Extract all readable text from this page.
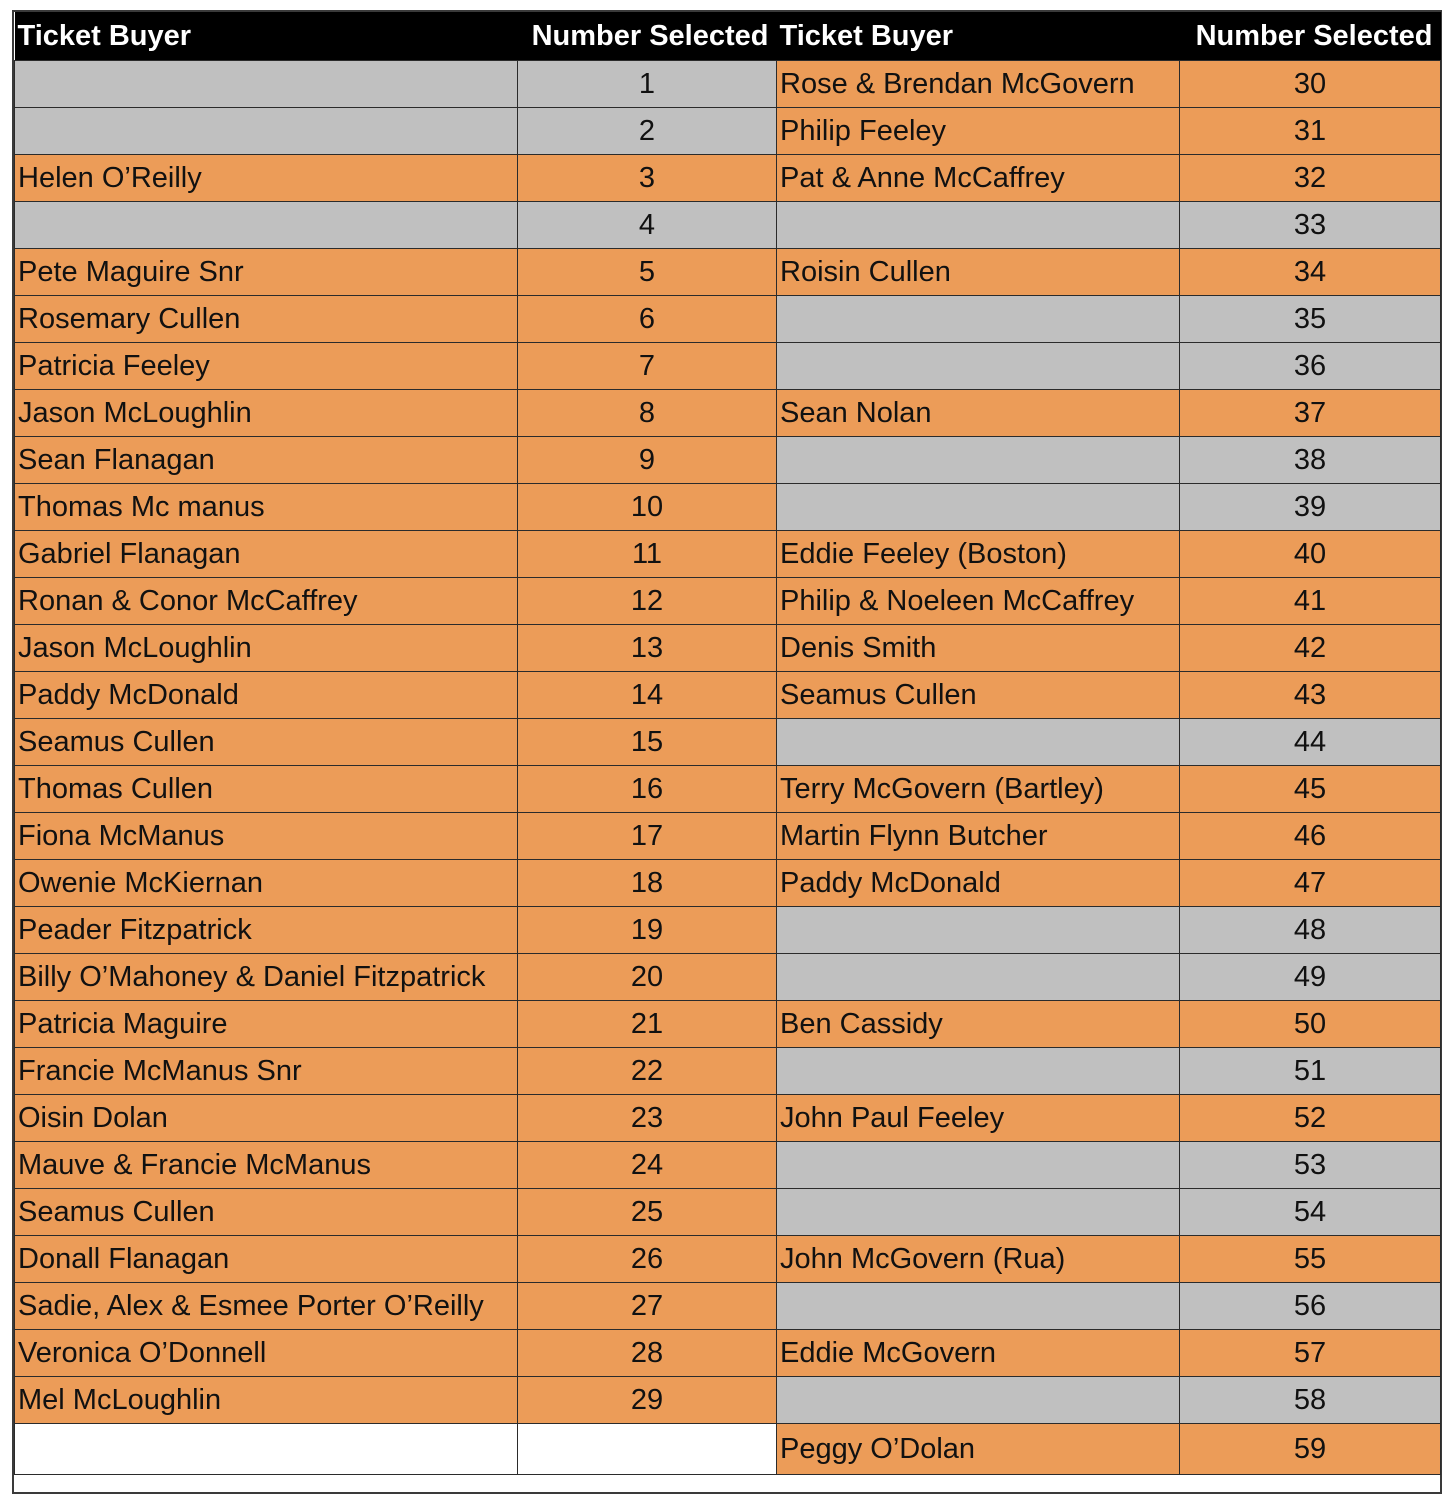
Ticket Buyer	Number Selected	Ticket Buyer	Number Selected
	1	Rose & Brendan McGovern	30
	2	Philip Feeley	31
Helen O’Reilly	3	Pat & Anne McCaffrey	32
	4		33
Pete Maguire Snr	5	Roisin Cullen	34
Rosemary Cullen	6		35
Patricia Feeley	7		36
Jason McLoughlin	8	Sean Nolan	37
Sean Flanagan	9		38
Thomas Mc manus	10		39
Gabriel Flanagan	11	Eddie Feeley (Boston)	40
Ronan & Conor McCaffrey	12	Philip & Noeleen McCaffrey	41
Jason McLoughlin	13	Denis Smith	42
Paddy McDonald	14	Seamus Cullen	43
Seamus Cullen	15		44
Thomas Cullen	16	Terry McGovern (Bartley)	45
Fiona McManus	17	Martin Flynn Butcher	46
Owenie McKiernan	18	Paddy McDonald	47
Peader Fitzpatrick	19		48
Billy O’Mahoney & Daniel Fitzpatrick	20		49
Patricia Maguire	21	Ben Cassidy	50
Francie McManus Snr	22		51
Oisin Dolan	23	John Paul Feeley	52
Mauve & Francie McManus	24		53
Seamus Cullen	25		54
Donall Flanagan	26	John McGovern (Rua)	55
Sadie, Alex & Esmee Porter O’Reilly	27		56
Veronica O’Donnell	28	Eddie McGovern	57
Mel McLoughlin	29		58
		Peggy O’Dolan	59
